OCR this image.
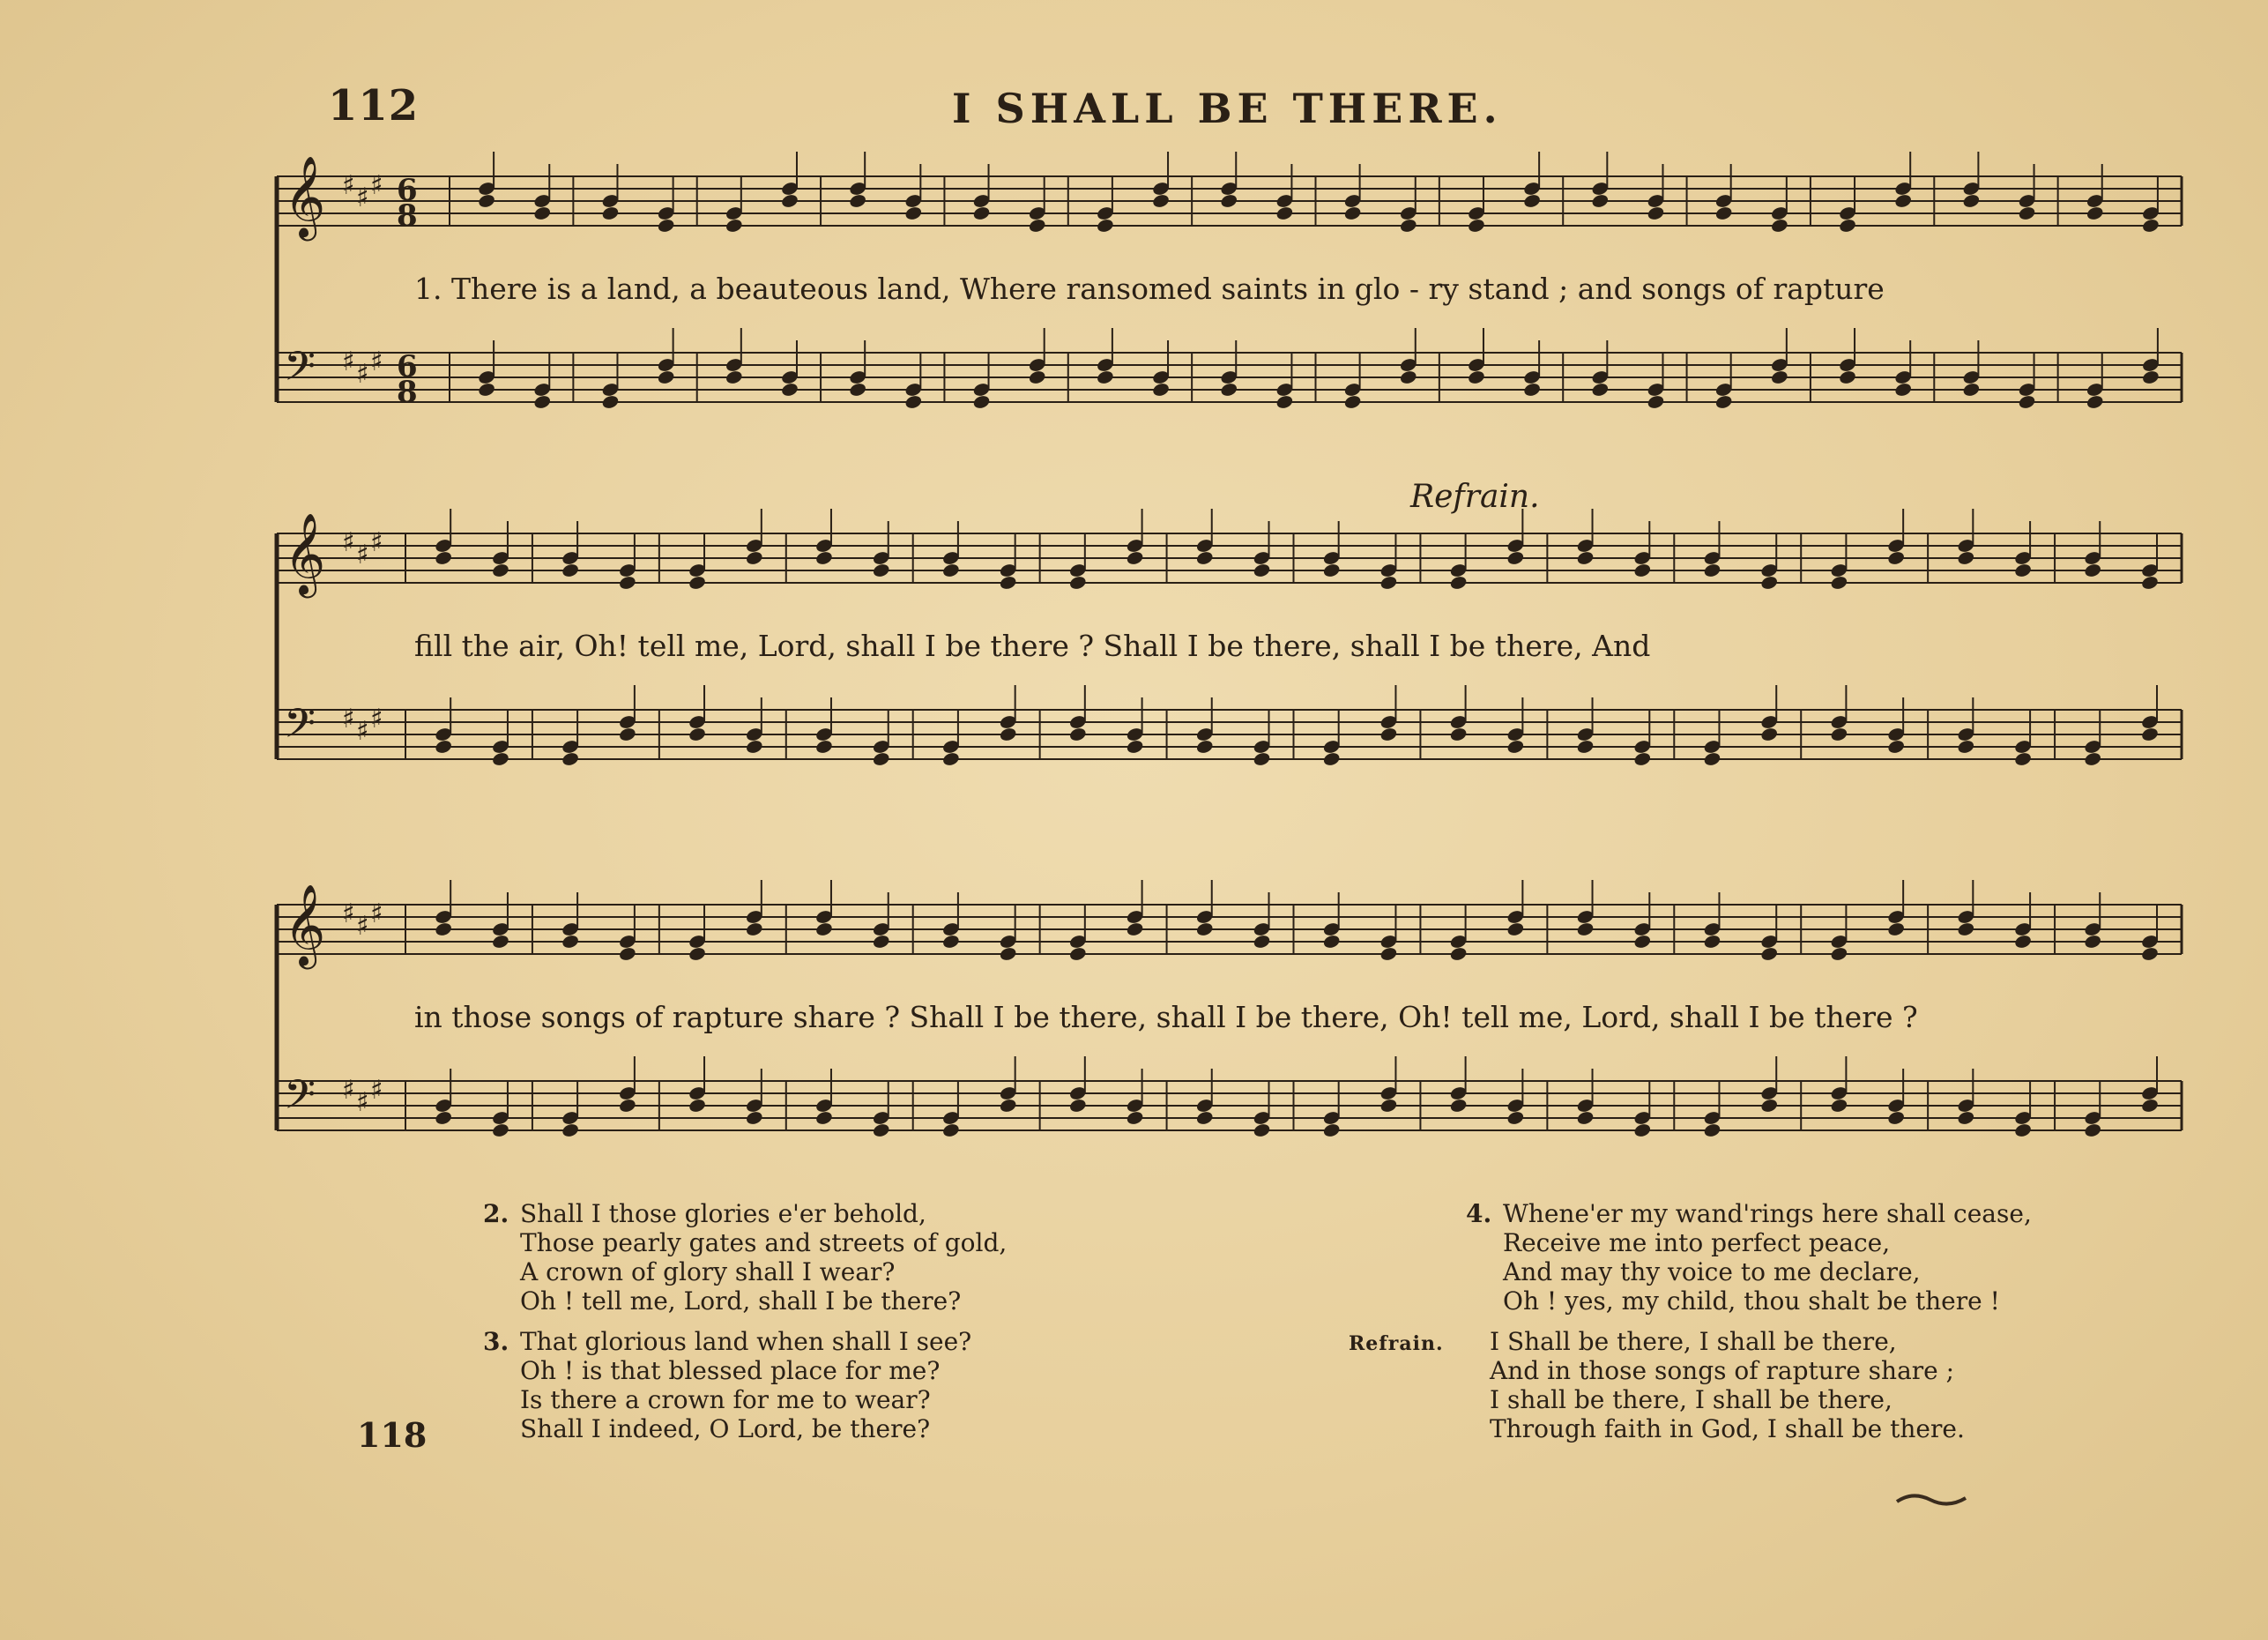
112	I SHALL BE THERE.
𝄞 ♯ ♯ ♯ 6
8
𝄢 ♯ ♯ ♯ 6
8
1. There is a land, a beauteous land, Where ransomed saints in glo - ry stand ; and songs of rapture
𝄞 ♯ ♯ ♯
𝄢 ♯ ♯ ♯
Refrain.
fill the air, Oh! tell me, Lord, shall I be there ? Shall I be there, shall I be there, And
𝄞 ♯ ♯ ♯
𝄢 ♯ ♯ ♯
in those songs of rapture share ? Shall I be there, shall I be there, Oh! tell me, Lord, shall I be there ?
2. Shall I those glories e'er behold,
Those pearly gates and streets of gold,
A crown of glory shall I wear?
Oh ! tell me, Lord, shall I be there?
3. That glorious land when shall I see?
Oh ! is that blessed place for me?
Is there a crown for me to wear?
Shall I indeed, O Lord, be there?
4. Whene'er my wand'rings here shall cease,
Receive me into perfect peace,
And may thy voice to me declare,
Oh ! yes, my child, thou shalt be there !
Refrain. I Shall be there, I shall be there,
And in those songs of rapture share ;
I shall be there, I shall be there,
Through faith in God, I shall be there.
118
